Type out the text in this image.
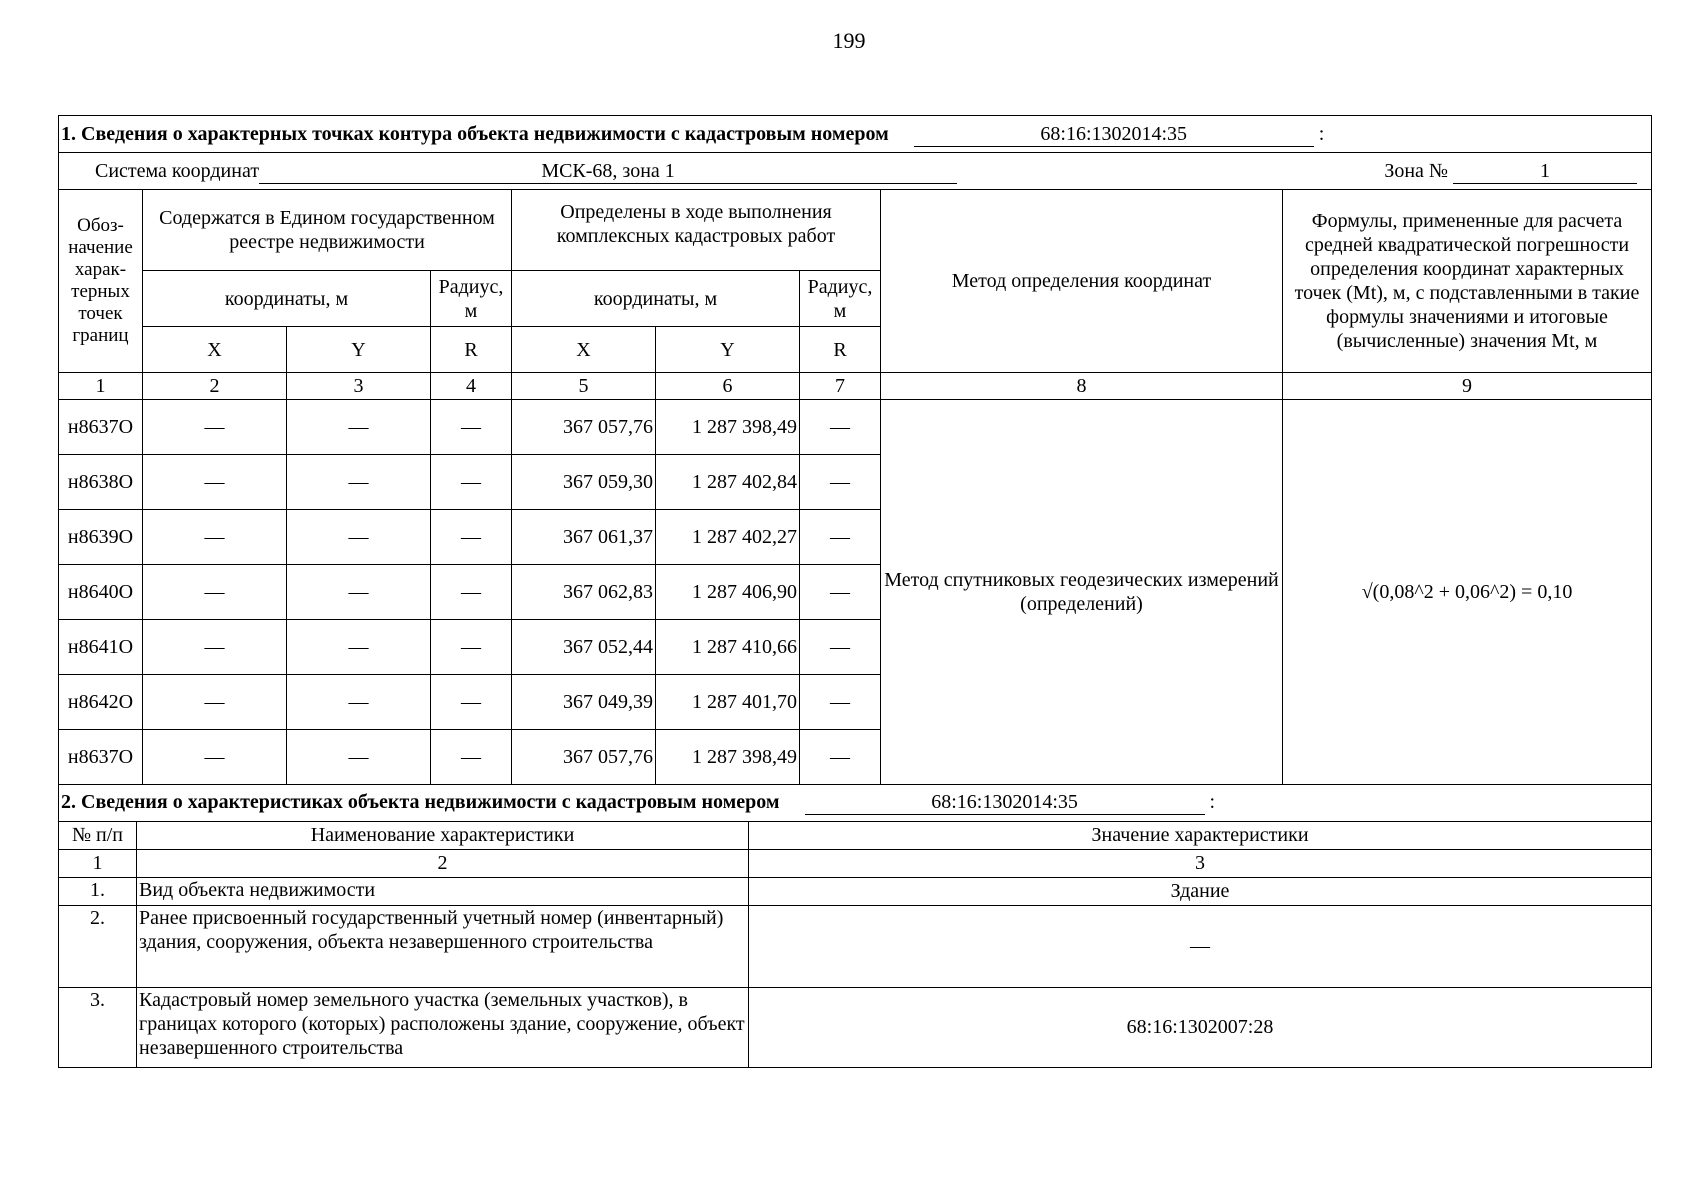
199
1. Сведения о характерных точках контура объекта недвижимости с кадастровым номером 68:16:1302014:35 :								
Система координат МСК-68, зона 1 Зона № 1								

Обоз-начение харак-терных точек границ	Содержатся в Едином государственном реестре недвижимости			Определены в ходе выполнения комплексных кадастровых работ			Метод определения координат	Формулы, примененные для расчета средней квадратической погрешности определения координат характерных точек (Mt), м, с подставленными в такие формулы значениями и итоговые (вычисленные) значения Mt, м
	координаты, м		Радиус, м	координаты, м		Радиус, м		
	X	Y	R	X	Y	R		
1	2	3	4	5	6	7	8	9
н8637О	—	—	—	367 057,76	1 287 398,49	—	Метод спутниковых геодезических измерений (определений)	√(0,08^2 + 0,06^2) = 0,10
н8638О	—	—	—	367 059,30	1 287 402,84	—		
н8639О	—	—	—	367 061,37	1 287 402,27	—		
н8640О	—	—	—	367 062,83	1 287 406,90	—		
н8641О	—	—	—	367 052,44	1 287 410,66	—		
н8642О	—	—	—	367 049,39	1 287 401,70	—		
н8637О	—	—	—	367 057,76	1 287 398,49	—		
2. Сведения о характеристиках объекта недвижимости с кадастровым номером 68:16:1302014:35 :		
№ п/п	Наименование характеристики	Значение характеристики
1	2	3
1.	Вид объекта недвижимости	Здание
2.	Ранее присвоенный государственный учетный номер (инвентарный) здания, сооружения, объекта незавершенного строительства	—
3.	Кадастровый номер земельного участка (земельных участков), в границах которого (которых) расположены здание, сооружение, объект незавершенного строительства	68:16:1302007:28
